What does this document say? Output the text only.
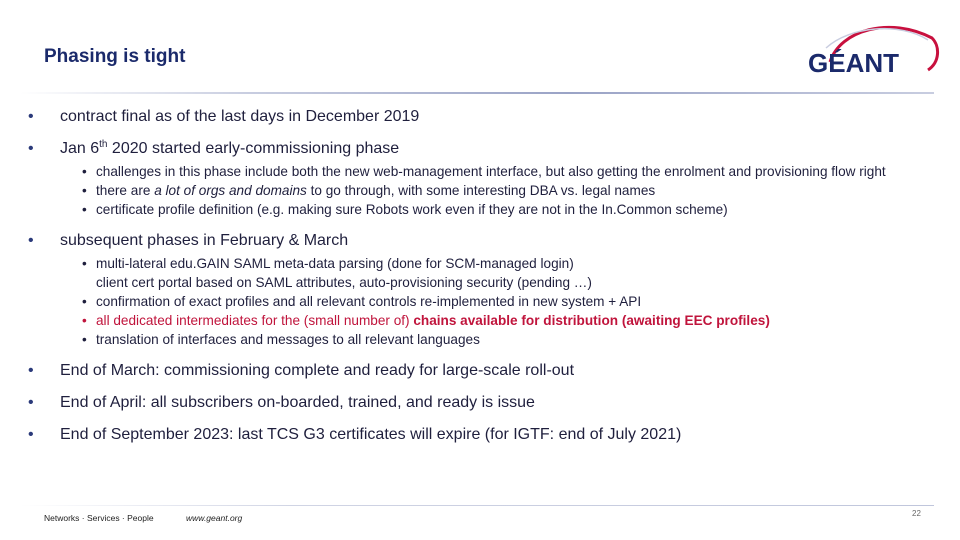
Phasing is tight	GÉANT
• contract final as of the last days in December 2019
• Jan 6th 2020 started early-commissioning phase
• challenges in this phase include both the new web-management interface, but also getting the enrolment and provisioning flow right
• there are a lot of orgs and domains to go through, with some interesting DBA vs. legal names
• certificate profile definition (e.g. making sure Robots work even if they are not in the In.Common scheme)
• subsequent phases in February & March
• multi-lateral edu.GAIN SAML meta-data parsing (done for SCM-managed login)
client cert portal based on SAML attributes, auto-provisioning security (pending …)
• confirmation of exact profiles and all relevant controls re-implemented in new system + API
• all dedicated intermediates for the (small number of) chains available for distribution (awaiting EEC profiles)
• translation of interfaces and messages to all relevant languages
• End of March: commissioning complete and ready for large-scale roll-out
• End of April: all subscribers on-boarded, trained, and ready is issue
• End of September 2023: last TCS G3 certificates will expire (for IGTF: end of July 2021)
Networks · Services · People	www.geant.org	22
